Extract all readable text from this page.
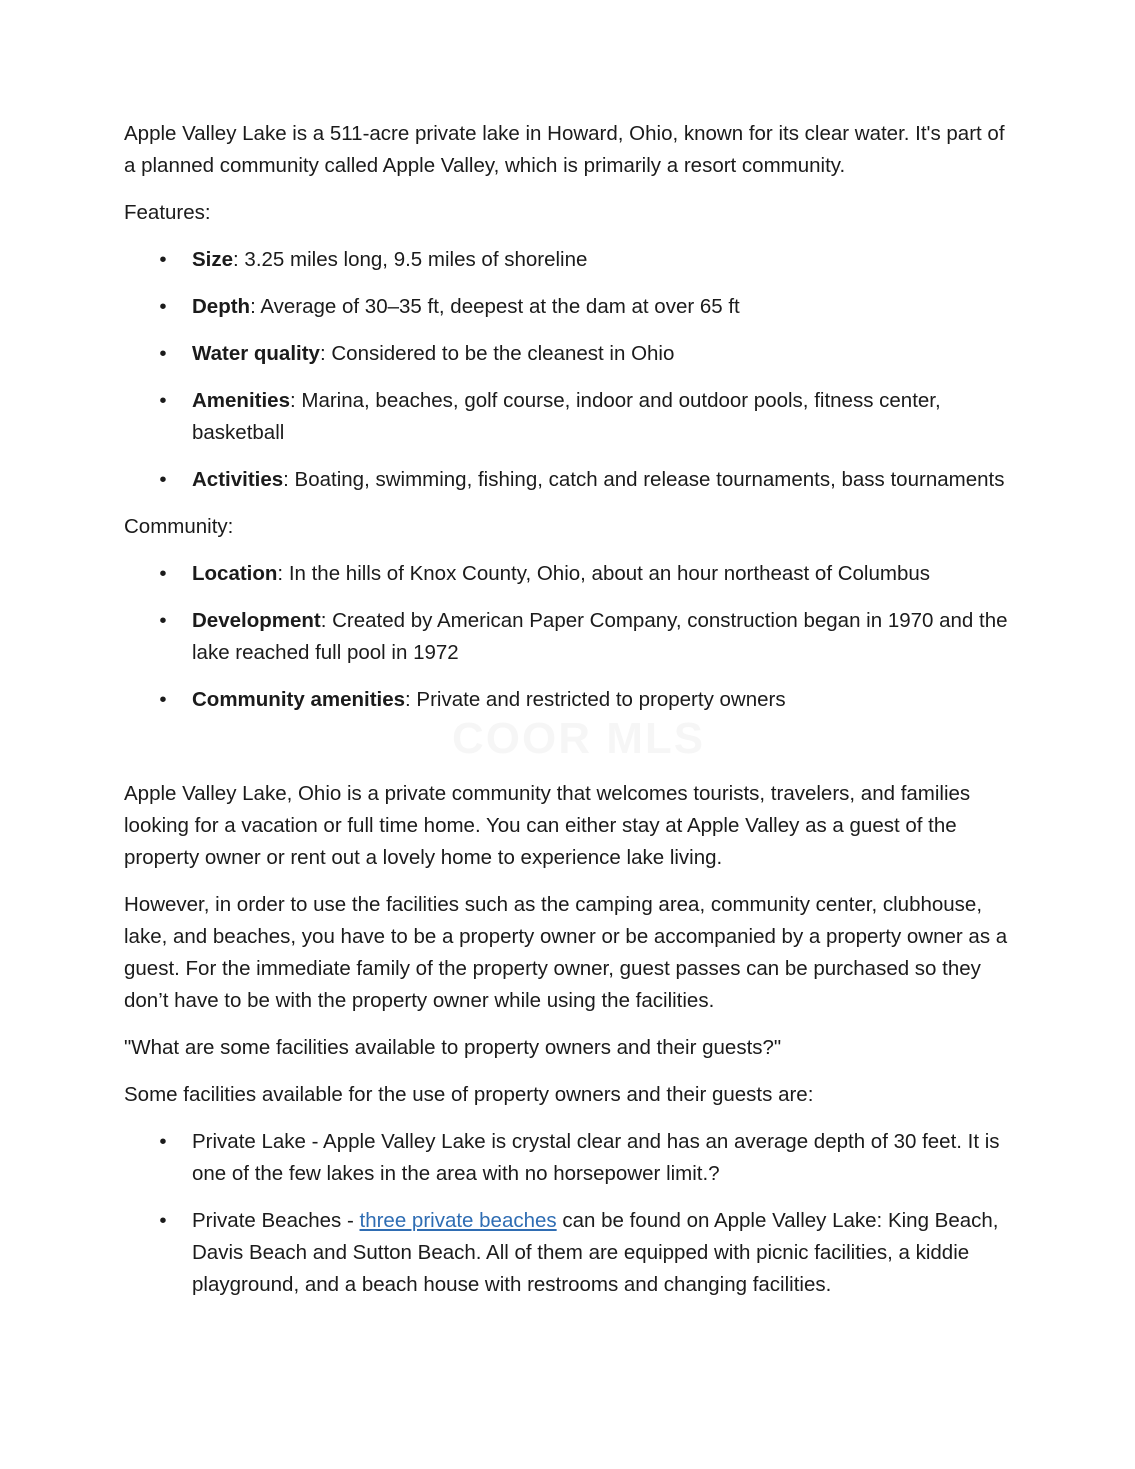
Apple Valley Lake is a 511-acre private lake in Howard, Ohio, known for its clear water. It's part of a planned community called Apple Valley, which is primarily a resort community.

Features:

• Size: 3.25 miles long, 9.5 miles of shoreline
• Depth: Average of 30–35 ft, deepest at the dam at over 65 ft
• Water quality: Considered to be the cleanest in Ohio
• Amenities: Marina, beaches, golf course, indoor and outdoor pools, fitness center, basketball
• Activities: Boating, swimming, fishing, catch and release tournaments, bass tournaments

Community:

• Location: In the hills of Knox County, Ohio, about an hour northeast of Columbus
• Development: Created by American Paper Company, construction began in 1970 and the lake reached full pool in 1972
• Community amenities: Private and restricted to property owners

Apple Valley Lake, Ohio is a private community that welcomes tourists, travelers, and families looking for a vacation or full time home. You can either stay at Apple Valley as a guest of the property owner or rent out a lovely home to experience lake living.

However, in order to use the facilities such as the camping area, community center, clubhouse, lake, and beaches, you have to be a property owner or be accompanied by a property owner as a guest. For the immediate family of the property owner, guest passes can be purchased so they don’t have to be with the property owner while using the facilities.

"What are some facilities available to property owners and their guests?"

Some facilities available for the use of property owners and their guests are:

• Private Lake - Apple Valley Lake is crystal clear and has an average depth of 30 feet. It is one of the few lakes in the area with no horsepower limit.?
• Private Beaches - three private beaches can be found on Apple Valley Lake: King Beach, Davis Beach and Sutton Beach. All of them are equipped with picnic facilities, a kiddie playground, and a beach house with restrooms and changing facilities.
